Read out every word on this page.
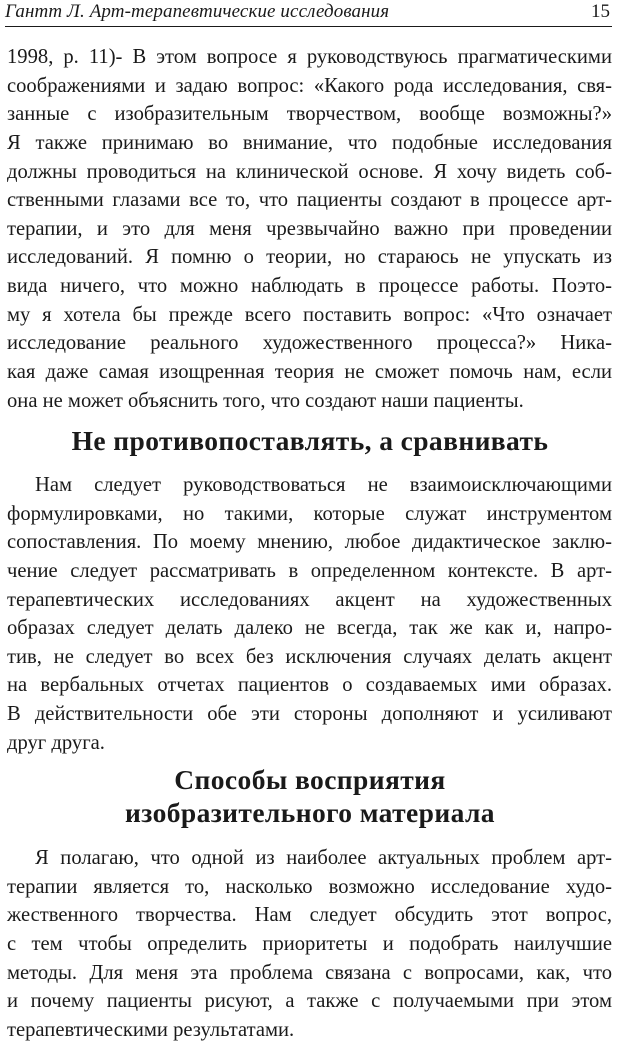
Гантт Л. Арт-терапевтические исследования	15
1998, p. 11)- В этом вопросе я руководствуюсь прагматическими
соображениями и задаю вопрос: «Какого рода исследования, свя-
занные с изобразительным творчеством, вообще возможны?»
Я также принимаю во внимание, что подобные исследования
должны проводиться на клинической основе. Я хочу видеть соб-
ственными глазами все то, что пациенты создают в процессе арт-
терапии, и это для меня чрезвычайно важно при проведении
исследований. Я помню о теории, но стараюсь не упускать из
вида ничего, что можно наблюдать в процессе работы. Поэто-
му я хотела бы прежде всего поставить вопрос: «Что означает
исследование реального художественного процесса?» Ника-
кая даже самая изощренная теория не сможет помочь нам, если
она не может объяснить того, что создают наши пациенты.
Не противопоставлять, а сравнивать
Нам следует руководствоваться не взаимоисключающими
формулировками, но такими, которые служат инструментом
сопоставления. По моему мнению, любое дидактическое заклю-
чение следует рассматривать в определенном контексте. В арт-
терапевтических исследованиях акцент на художественных
образах следует делать далеко не всегда, так же как и, напро-
тив, не следует во всех без исключения случаях делать акцент
на вербальных отчетах пациентов о создаваемых ими образах.
В действительности обе эти стороны дополняют и усиливают
друг друга.
Способы восприятия
изобразительного материала
Я полагаю, что одной из наиболее актуальных проблем арт-
терапии является то, насколько возможно исследование худо-
жественного творчества. Нам следует обсудить этот вопрос,
с тем чтобы определить приоритеты и подобрать наилучшие
методы. Для меня эта проблема связана с вопросами, как, что
и почему пациенты рисуют, а также с получаемыми при этом
терапевтическими результатами.
